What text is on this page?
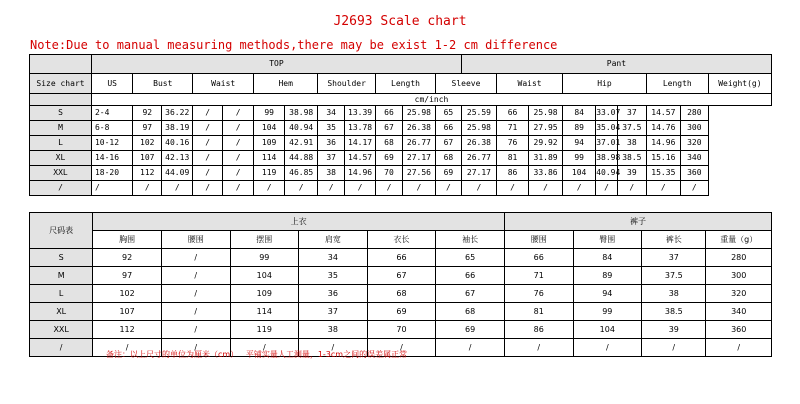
J2693 Scale chart
Note:Due to manual measuring methods,there may be exist 1-2 cm difference
	TOP												Pant								
Size chart	US	Bust		Waist		Hem		Shoulder		Length		Sleeve		Waist		Hip			Length		Weight(g)
	cm/inch																				
S	2-4	92	36.22	/	/	99	38.98	34	13.39	66	25.98	65	25.59	66	25.98	84	33.07	37	14.57	280	
M	6-8	97	38.19	/	/	104	40.94	35	13.78	67	26.38	66	25.98	71	27.95	89	35.04	37.5	14.76	300	
L	10-12	102	40.16	/	/	109	42.91	36	14.17	68	26.77	67	26.38	76	29.92	94	37.01	38	14.96	320	
XL	14-16	107	42.13	/	/	114	44.88	37	14.57	69	27.17	68	26.77	81	31.89	99	38.98	38.5	15.16	340	
XXL	18-20	112	44.09	/	/	119	46.85	38	14.96	70	27.56	69	27.17	86	33.86	104	40.94	39	15.35	360	
/	/	/	/	/	/	/	/	/	/	/	/	/	/	/	/	/	/	/	/	/	
尺码表	上衣						裤子			
	胸围	腰围	摆围	肩宽	衣长	袖长	腰围	臀围	裤长	重量（g）
S	92	/	99	34	66	65	66	84	37	280
M	97	/	104	35	67	66	71	89	37.5	300
L	102	/	109	36	68	67	76	94	38	320
XL	107	/	114	37	69	68	81	99	38.5	340
XXL	112	/	119	38	70	69	86	104	39	360
/	/	/	/	/	/	/	/	/	/	/
备注：以上尺寸的单位为厘米（cm）   平铺实量人工测量，1-3cm之间的误差属正常
